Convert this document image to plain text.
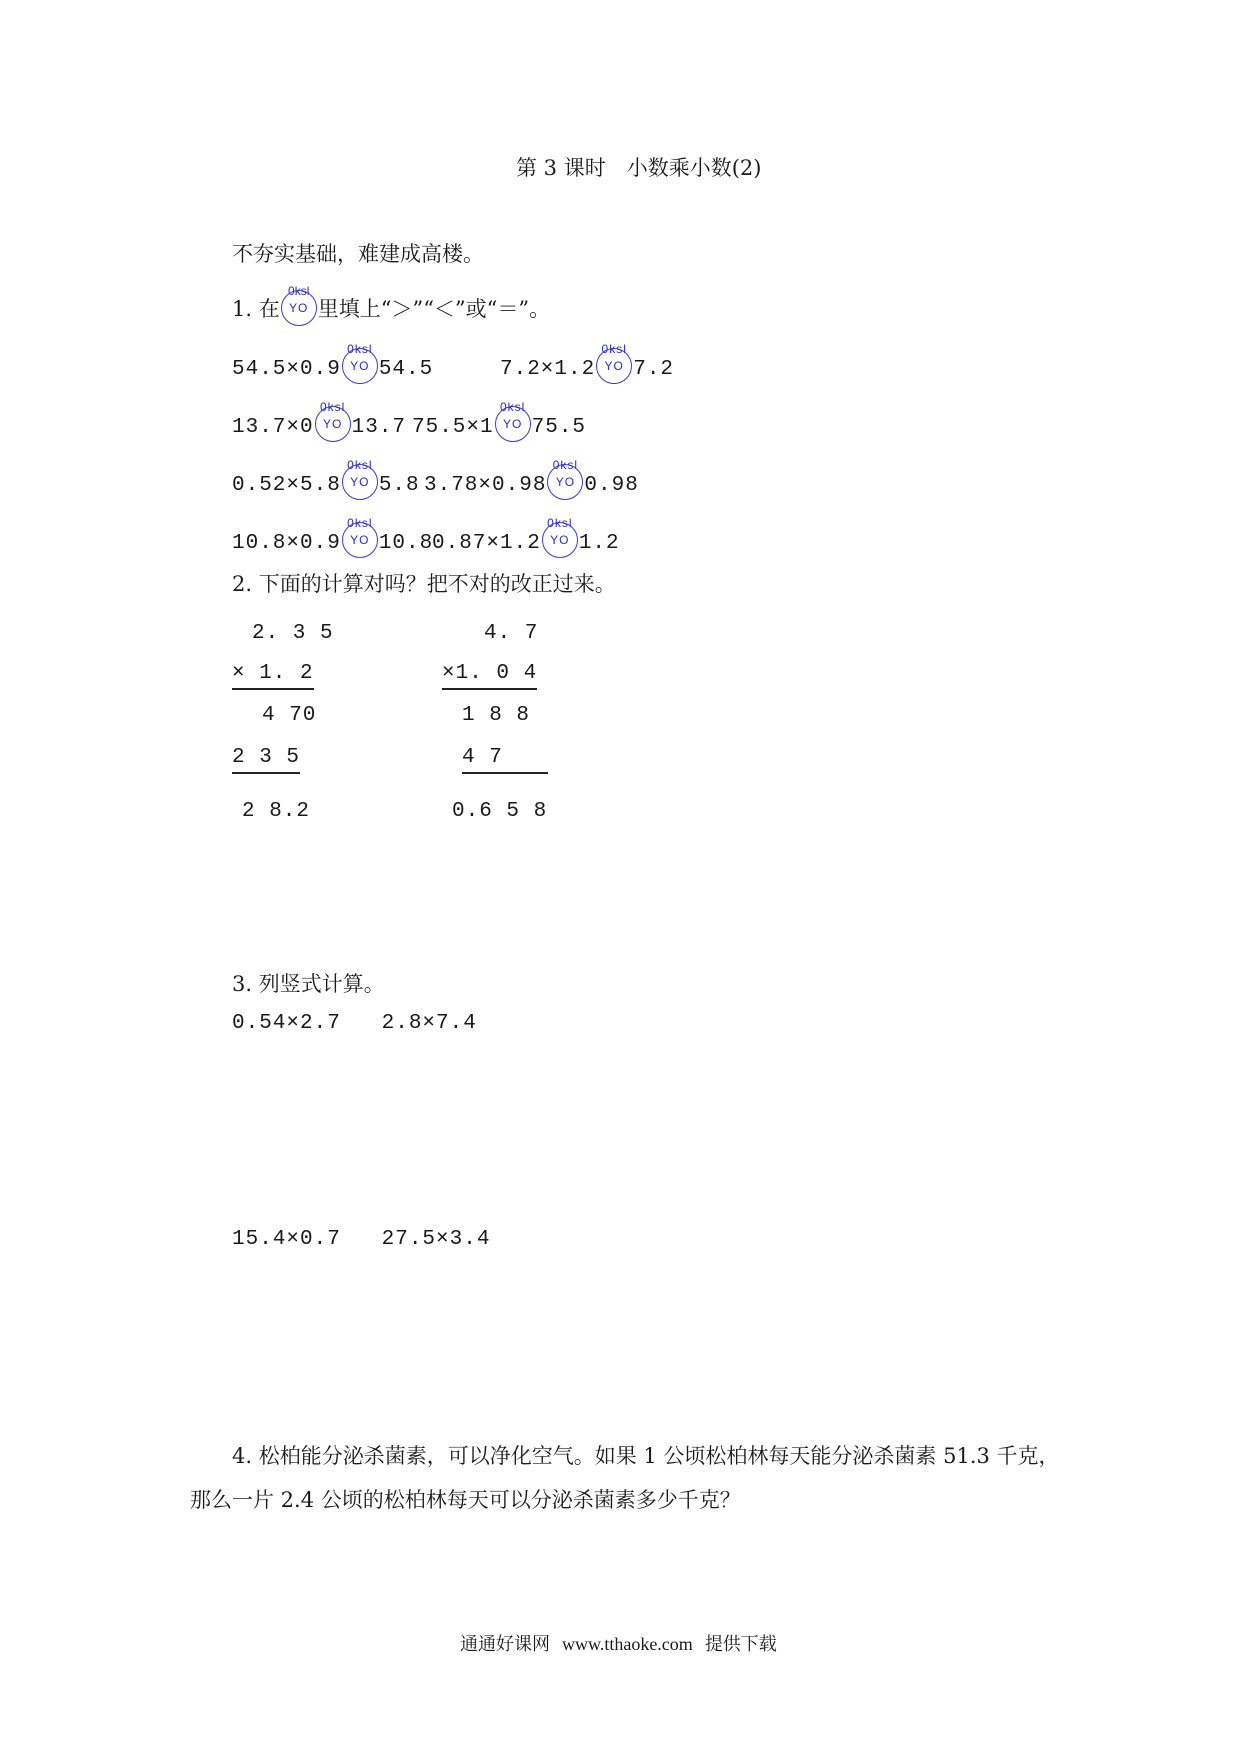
第 3 课时　小数乘小数(2)
不夯实基础，难建成高楼。
1. 在
0ksl
YO 里填上“＞”“＜”或“＝”。
54.5×0.9
0ksl
YO 54.5	7.2×1.2
0ksl
YO 7.2
13.7×0
0ksl
YO 13.7 75.5×1
0ksl
YO 75.5
0.52×5.8
0ksl
YO 5.8 3.78×0.98
0ksl
YO 0.98
10.8×0.9
0ksl
YO 10.8
0.87×1.2
0ksl
YO 1.2
2. 下面的计算对吗？把不对的改正过来。
2. 3 5
× 1. 2
4 70
2 3 5
2 8.2
4. 7
×1. 0 4
1 8 8
4 7
0.6 5 8
3. 列竖式计算。
0.54×2.7   2.8×7.4
15.4×0.7   27.5×3.4
4. 松柏能分泌杀菌素，可以净化空气。如果 1 公顷松柏林每天能分泌杀菌素 51.3 千克，
那么一片 2.4 公顷的松柏林每天可以分泌杀菌素多少千克？
通通好课网 www.tthaoke.com 提供下载
